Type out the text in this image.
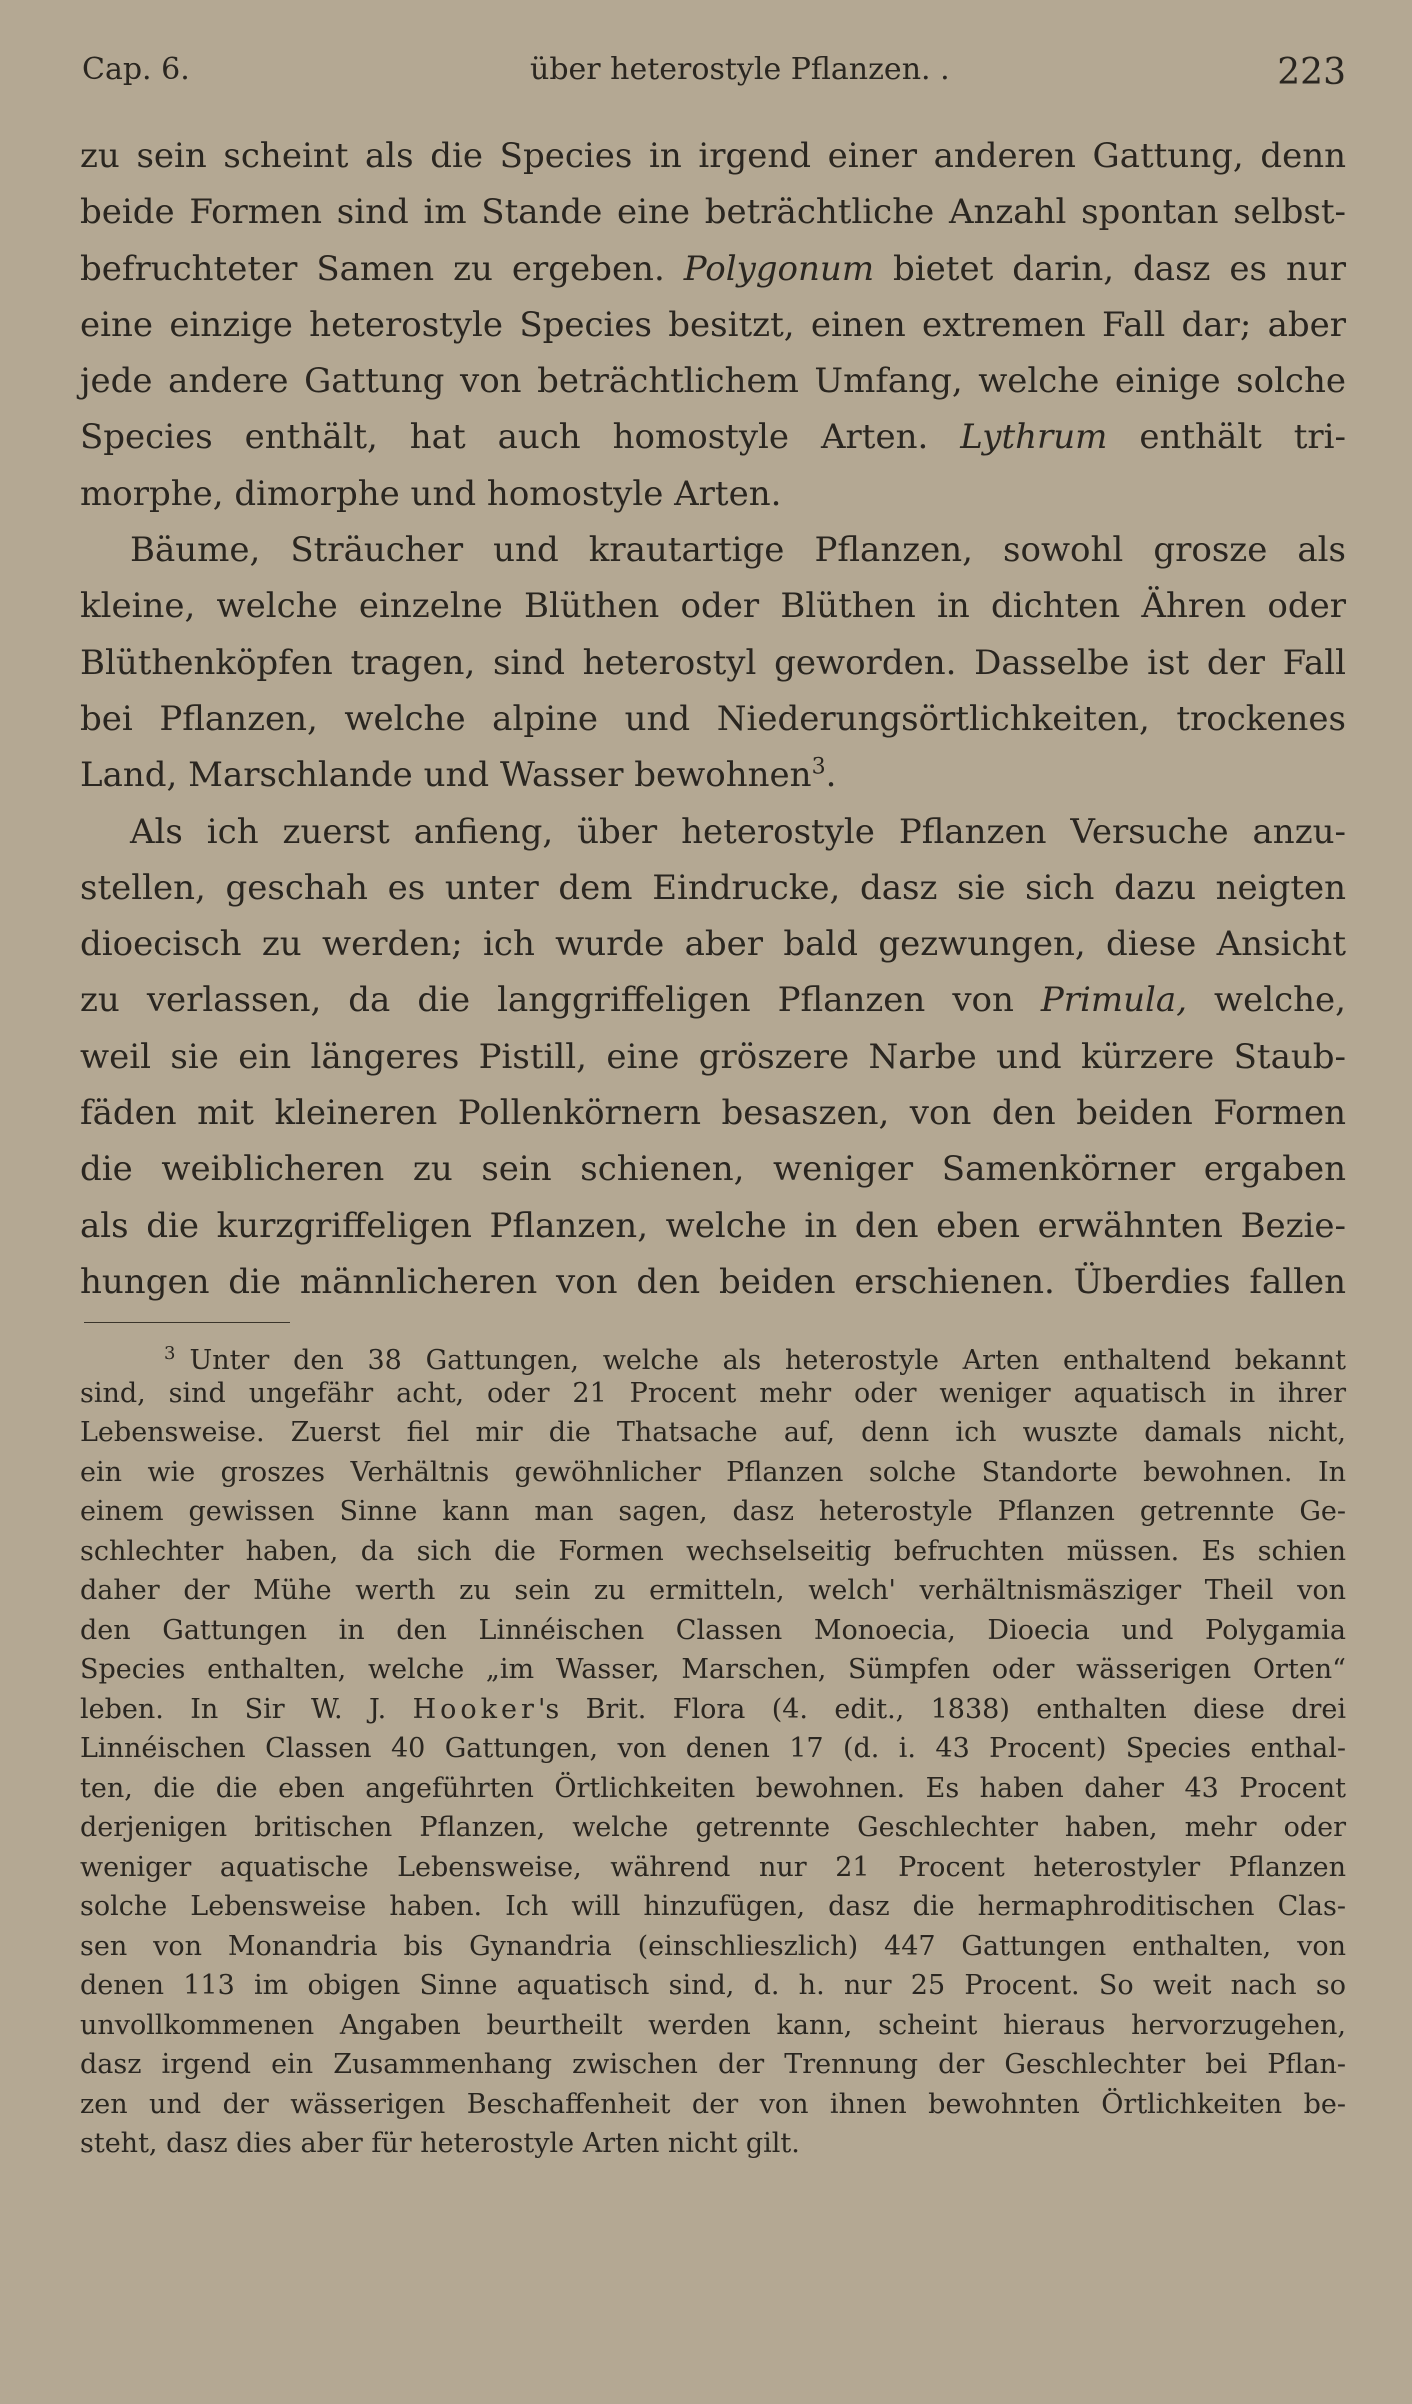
Cap. 6.	über heterostyle Pflanzen. .	223
zu sein scheint als die Species in irgend einer anderen Gattung, denn
beide Formen sind im Stande eine beträchtliche Anzahl spontan selbst-
befruchteter Samen zu ergeben. Polygonum bietet darin, dasz es nur
eine einzige heterostyle Species besitzt, einen extremen Fall dar; aber
jede andere Gattung von beträchtlichem Umfang, welche einige solche
Species enthält, hat auch homostyle Arten. Lythrum enthält tri-
morphe, dimorphe und homostyle Arten.
Bäume, Sträucher und krautartige Pflanzen, sowohl grosze als
kleine, welche einzelne Blüthen oder Blüthen in dichten Ähren oder
Blüthenköpfen tragen, sind heterostyl geworden. Dasselbe ist der Fall
bei Pflanzen, welche alpine und Niederungsörtlichkeiten, trockenes
Land, Marschlande und Wasser bewohnen$^3$.
Als ich zuerst anfieng, über heterostyle Pflanzen Versuche anzu-
stellen, geschah es unter dem Eindrucke, dasz sie sich dazu neigten
dioecisch zu werden; ich wurde aber bald gezwungen, diese Ansicht
zu verlassen, da die langgriffeligen Pflanzen von Primula, welche,
weil sie ein längeres Pistill, eine gröszere Narbe und kürzere Staub-
fäden mit kleineren Pollenkörnern besaszen, von den beiden Formen
die weiblicheren zu sein schienen, weniger Samenkörner ergaben
als die kurzgriffeligen Pflanzen, welche in den eben erwähnten Bezie-
hungen die männlicheren von den beiden erschienen. Überdies fallen
$^3$ Unter den 38 Gattungen, welche als heterostyle Arten enthaltend bekannt
sind, sind ungefähr acht, oder 21 Procent mehr oder weniger aquatisch in ihrer
Lebensweise. Zuerst fiel mir die Thatsache auf, denn ich wuszte damals nicht,
ein wie groszes Verhältnis gewöhnlicher Pflanzen solche Standorte bewohnen. In
einem gewissen Sinne kann man sagen, dasz heterostyle Pflanzen getrennte Ge-
schlechter haben, da sich die Formen wechselseitig befruchten müssen. Es schien
daher der Mühe werth zu sein zu ermitteln, welch' verhältnismäsziger Theil von
den Gattungen in den Linnéischen Classen Monoecia, Dioecia und Polygamia
Species enthalten, welche „im Wasser, Marschen, Sümpfen oder wässerigen Orten“
leben. In Sir W. J. Hooker's Brit. Flora (4. edit., 1838) enthalten diese drei
Linnéischen Classen 40 Gattungen, von denen 17 (d. i. 43 Procent) Species enthal-
ten, die die eben angeführten Örtlichkeiten bewohnen. Es haben daher 43 Procent
derjenigen britischen Pflanzen, welche getrennte Geschlechter haben, mehr oder
weniger aquatische Lebensweise, während nur 21 Procent heterostyler Pflanzen
solche Lebensweise haben. Ich will hinzufügen, dasz die hermaphroditischen Clas-
sen von Monandria bis Gynandria (einschlieszlich) 447 Gattungen enthalten, von
denen 113 im obigen Sinne aquatisch sind, d. h. nur 25 Procent. So weit nach so
unvollkommenen Angaben beurtheilt werden kann, scheint hieraus hervorzugehen,
dasz irgend ein Zusammenhang zwischen der Trennung der Geschlechter bei Pflan-
zen und der wässerigen Beschaffenheit der von ihnen bewohnten Örtlichkeiten be-
steht, dasz dies aber für heterostyle Arten nicht gilt.
